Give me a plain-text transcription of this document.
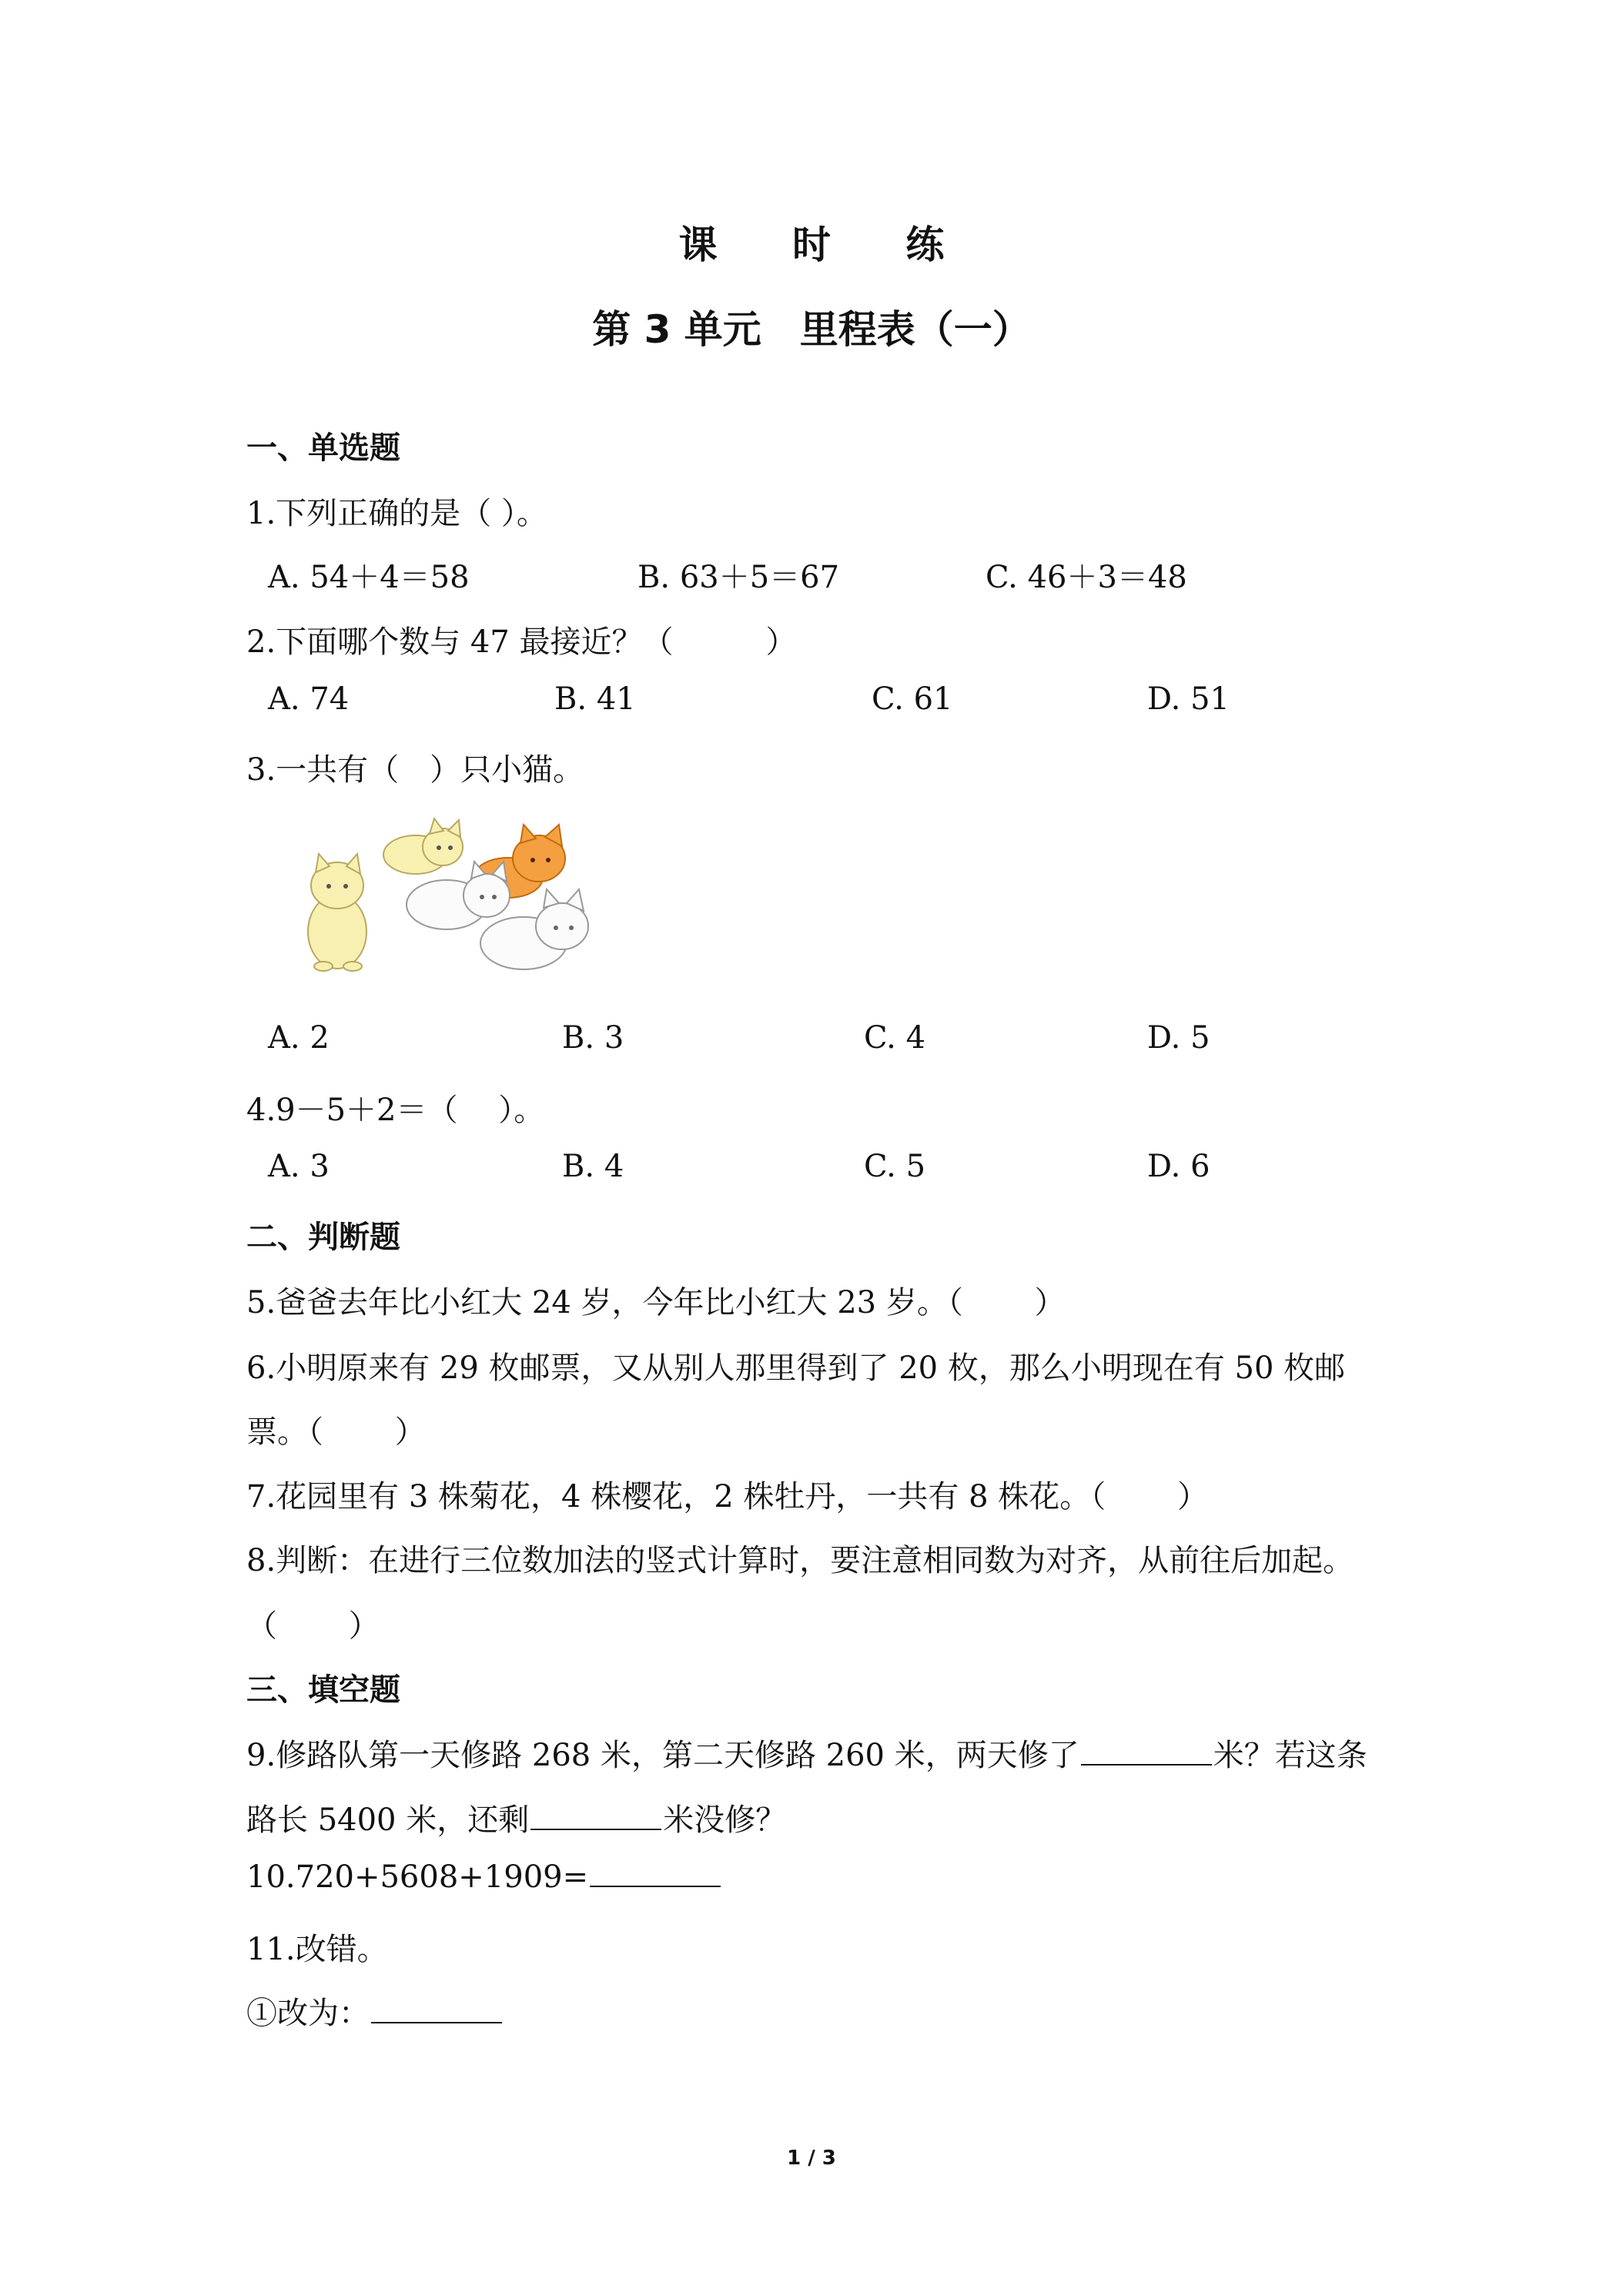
课 时 练
第 3 单元　里程表（一）
一、单选题
1.下列正确的是（ ）。
A. 54＋4＝58	B. 63＋5＝67	C. 46＋3＝48
2.下面哪个数与 47 最接近？（　　　）
A. 74	B. 41	C. 61	D. 51
3.一共有（　）只小猫。
A. 2	B. 3	C. 4	D. 5
4.9－5＋2＝（　 ）。
A. 3	B. 4	C. 5	D. 6
二、判断题
5.爸爸去年比小红大 24 岁，今年比小红大 23 岁。（　　 ）
6.小明原来有 29 枚邮票，又从别人那里得到了 20 枚，那么小明现在有 50 枚邮
票。（　　 ）
7.花园里有 3 株菊花，4 株樱花，2 株牡丹，一共有 8 株花。（　　 ）
8.判断：在进行三位数加法的竖式计算时，要注意相同数为对齐，从前往后加起。
（　　 ）
三、填空题
9.修路队第一天修路 268 米，第二天修路 260 米，两天修了	米？若这条
路长 5400 米，还剩	米没修？
10.720+5608+1909=
11.改错。
①改为：
1 / 3
